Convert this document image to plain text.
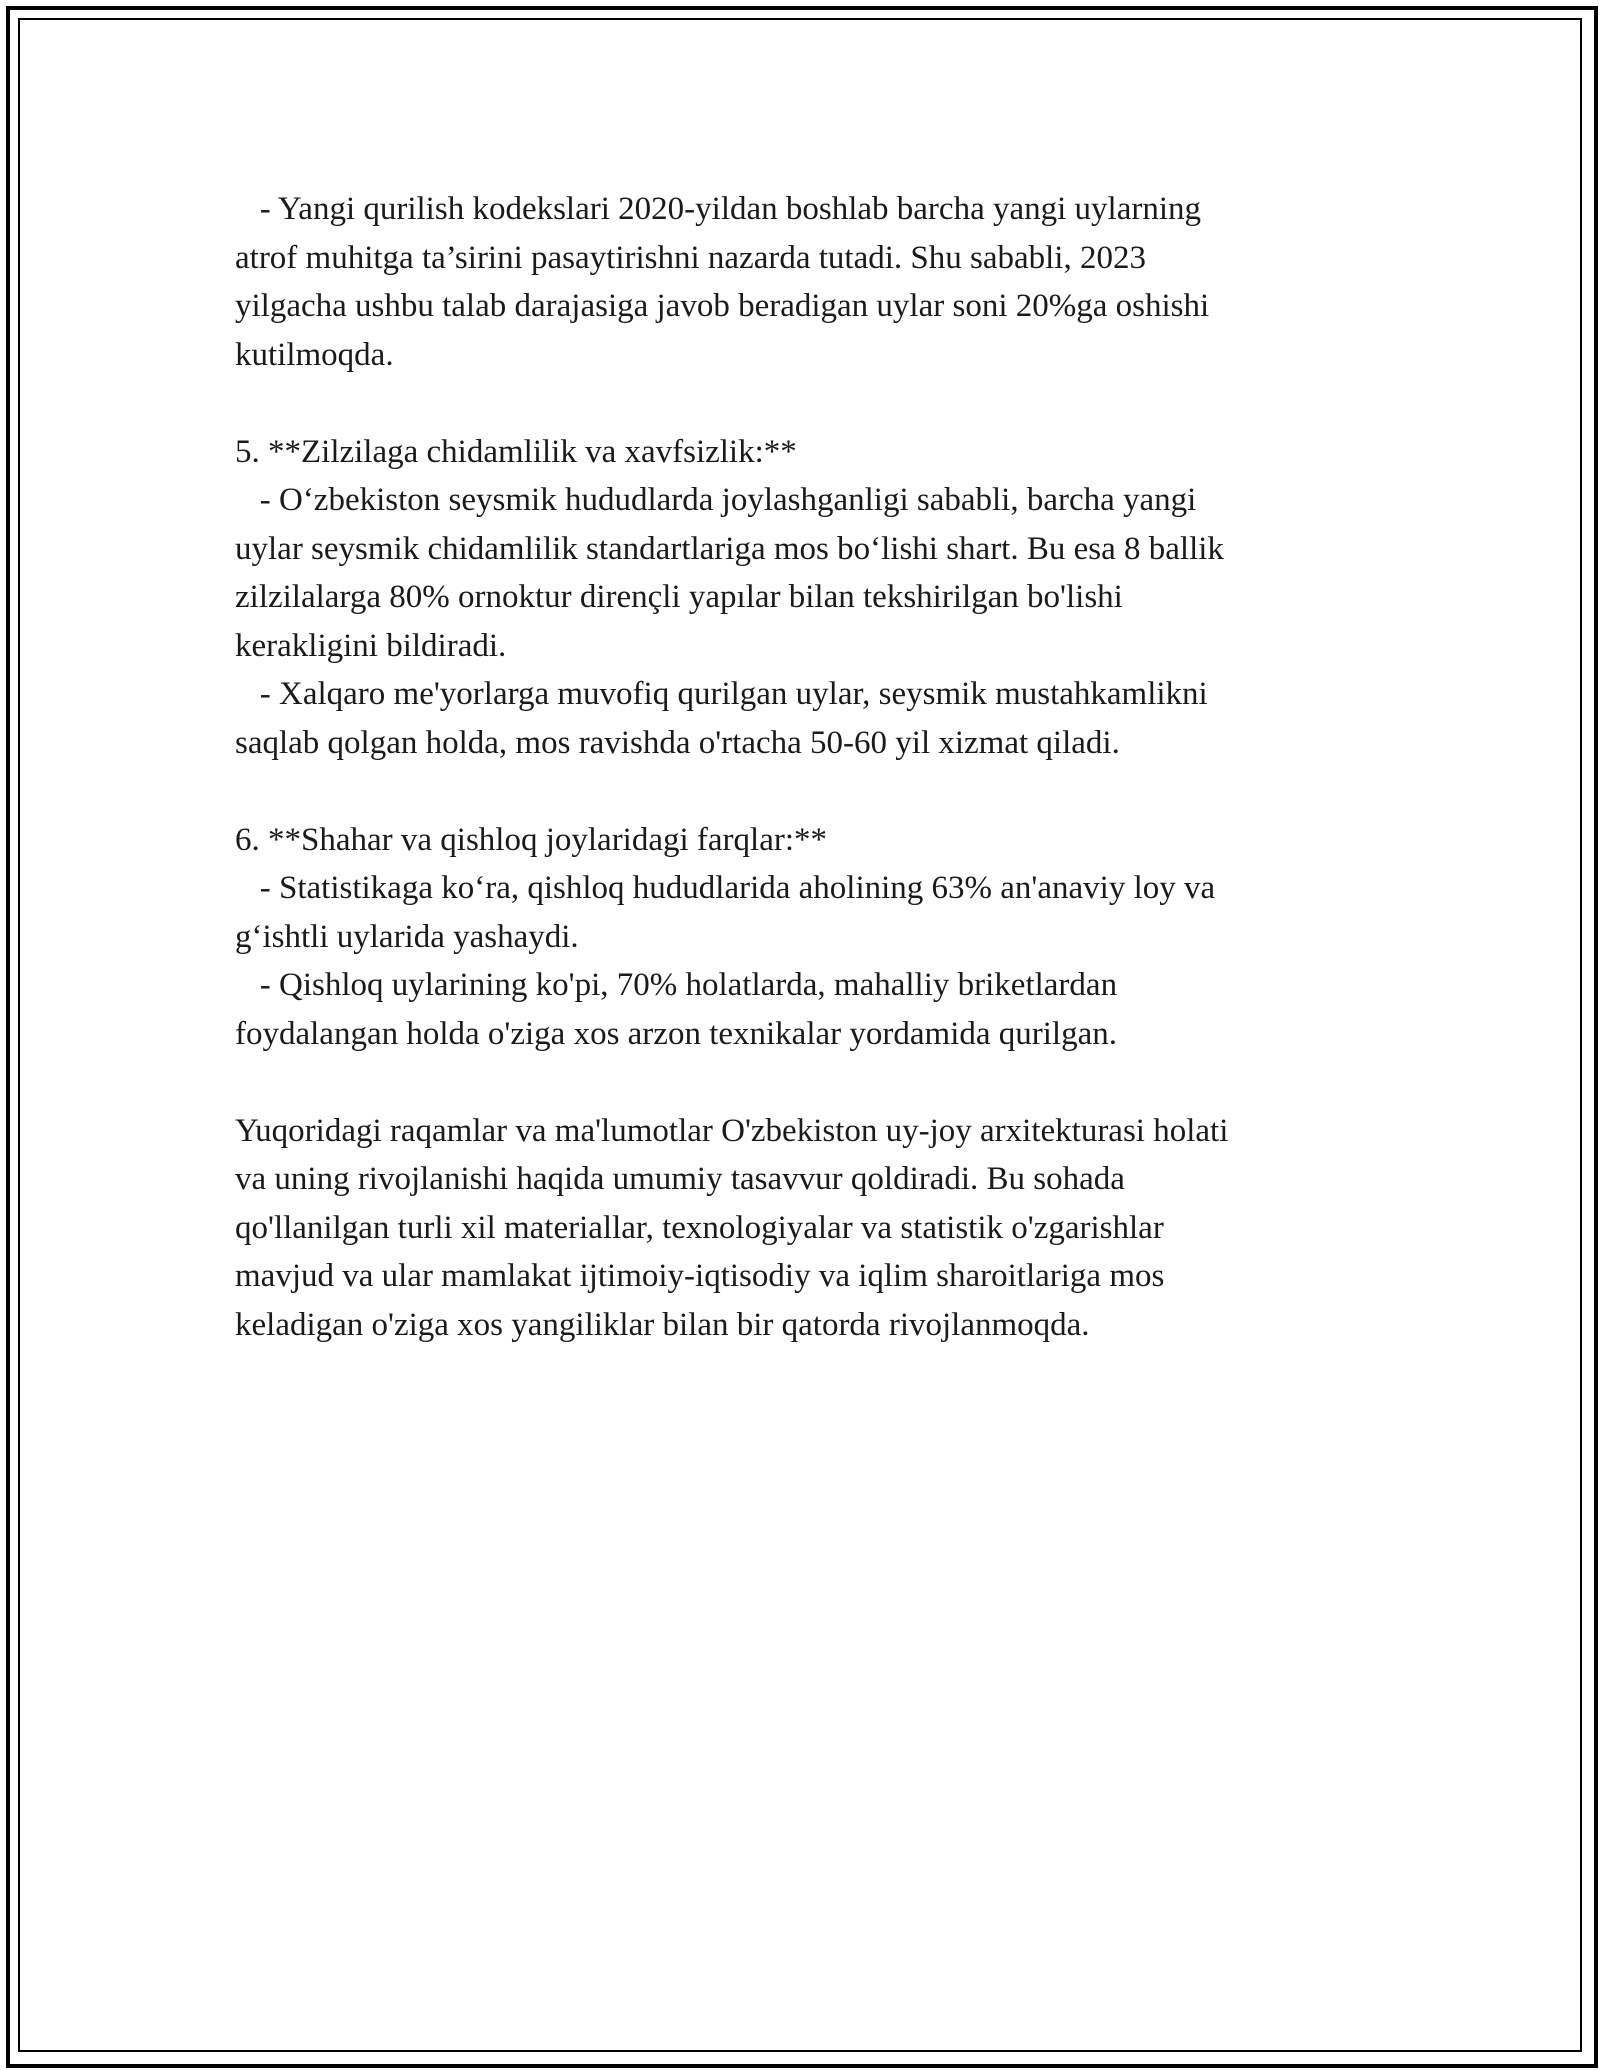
- Yangi qurilish kodekslari 2020-yildan boshlab barcha yangi uylarning
atrof muhitga ta’sirini pasaytirishni nazarda tutadi. Shu sababli, 2023
yilgacha ushbu talab darajasiga javob beradigan uylar soni 20%ga oshishi
kutilmoqda.
5. **Zilzilaga chidamlilik va xavfsizlik:**
- O‘zbekiston seysmik hududlarda joylashganligi sababli, barcha yangi
uylar seysmik chidamlilik standartlariga mos bo‘lishi shart. Bu esa 8 ballik
zilzilalarga 80% ornoktur dirençli yapılar bilan tekshirilgan bo'lishi
kerakligini bildiradi.
- Xalqaro me'yorlarga muvofiq qurilgan uylar, seysmik mustahkamlikni
saqlab qolgan holda, mos ravishda o'rtacha 50-60 yil xizmat qiladi.
6. **Shahar va qishloq joylaridagi farqlar:**
- Statistikaga ko‘ra, qishloq hududlarida aholining 63% an'anaviy loy va
g‘ishtli uylarida yashaydi.
- Qishloq uylarining ko'pi, 70% holatlarda, mahalliy briketlardan
foydalangan holda o'ziga xos arzon texnikalar yordamida qurilgan.
Yuqoridagi raqamlar va ma'lumotlar O'zbekiston uy-joy arxitekturasi holati
va uning rivojlanishi haqida umumiy tasavvur qoldiradi. Bu sohada
qo'llanilgan turli xil materiallar, texnologiyalar va statistik o'zgarishlar
mavjud va ular mamlakat ijtimoiy-iqtisodiy va iqlim sharoitlariga mos
keladigan o'ziga xos yangiliklar bilan bir qatorda rivojlanmoqda.
